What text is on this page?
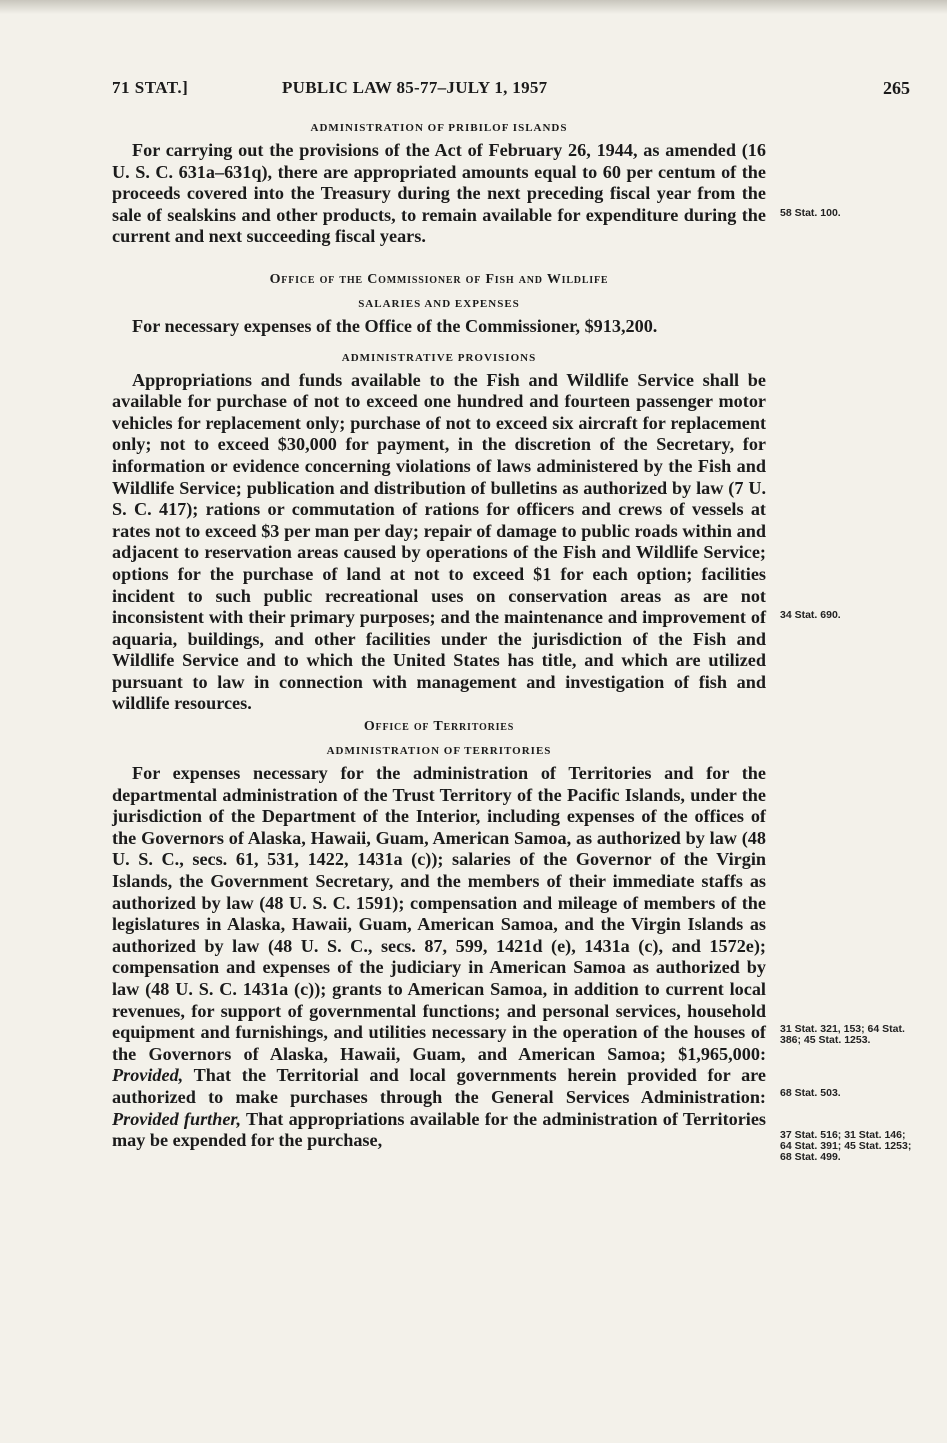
71 STAT.]	PUBLIC LAW 85-77–JULY 1, 1957	265
ADMINISTRATION OF PRIBILOF ISLANDS

For carrying out the provisions of the Act of February 26, 1944, as amended (16 U. S. C. 631a–631q), there are appropriated amounts equal to 60 per centum of the proceeds covered into the Treasury during the next preceding fiscal year from the sale of sealskins and other products, to remain available for expenditure during the current and next succeeding fiscal years.

Office of the Commissioner of Fish and Wildlife
SALARIES AND EXPENSES

For necessary expenses of the Office of the Commissioner, $913,200.

ADMINISTRATIVE PROVISIONS

Appropriations and funds available to the Fish and Wildlife Service shall be available for purchase of not to exceed one hundred and fourteen passenger motor vehicles for replacement only; purchase of not to exceed six aircraft for replacement only; not to exceed $30,000 for payment, in the discretion of the Secretary, for information or evidence concerning violations of laws administered by the Fish and Wildlife Service; publication and distribution of bulletins as authorized by law (7 U. S. C. 417); rations or commutation of rations for officers and crews of vessels at rates not to exceed $3 per man per day; repair of damage to public roads within and adjacent to reservation areas caused by operations of the Fish and Wildlife Service; options for the purchase of land at not to exceed $1 for each option; facilities incident to such public recreational uses on conservation areas as are not inconsistent with their primary purposes; and the maintenance and improvement of aquaria, buildings, and other facilities under the jurisdiction of the Fish and Wildlife Service and to which the United States has title, and which are utilized pursuant to law in connection with management and investigation of fish and wildlife resources.

Office of Territories
ADMINISTRATION OF TERRITORIES

For expenses necessary for the administration of Territories and for the departmental administration of the Trust Territory of the Pacific Islands, under the jurisdiction of the Department of the Interior, including expenses of the offices of the Governors of Alaska, Hawaii, Guam, American Samoa, as authorized by law (48 U. S. C., secs. 61, 531, 1422, 1431a (c)); salaries of the Governor of the Virgin Islands, the Government Secretary, and the members of their immediate staffs as authorized by law (48 U. S. C. 1591); compensation and mileage of members of the legislatures in Alaska, Hawaii, Guam, American Samoa, and the Virgin Islands as authorized by law (48 U. S. C., secs. 87, 599, 1421d (e), 1431a (c), and 1572e); compensation and expenses of the judiciary in American Samoa as authorized by law (48 U. S. C. 1431a (c)); grants to American Samoa, in addition to current local revenues, for support of governmental functions; and personal services, household equipment and furnishings, and utilities necessary in the operation of the houses of the Governors of Alaska, Hawaii, Guam, and American Samoa; $1,965,000: Provided, That the Territorial and local governments herein provided for are authorized to make purchases through the General Services Administration: Provided further, That appropriations available for the administration of Territories may be expended for the purchase,

58 Stat. 100.
34 Stat. 690.
31 Stat. 321, 153; 64 Stat. 386; 45 Stat. 1253.
68 Stat. 503.
37 Stat. 516; 31 Stat. 146; 64 Stat. 391; 45 Stat. 1253; 68 Stat. 499.
